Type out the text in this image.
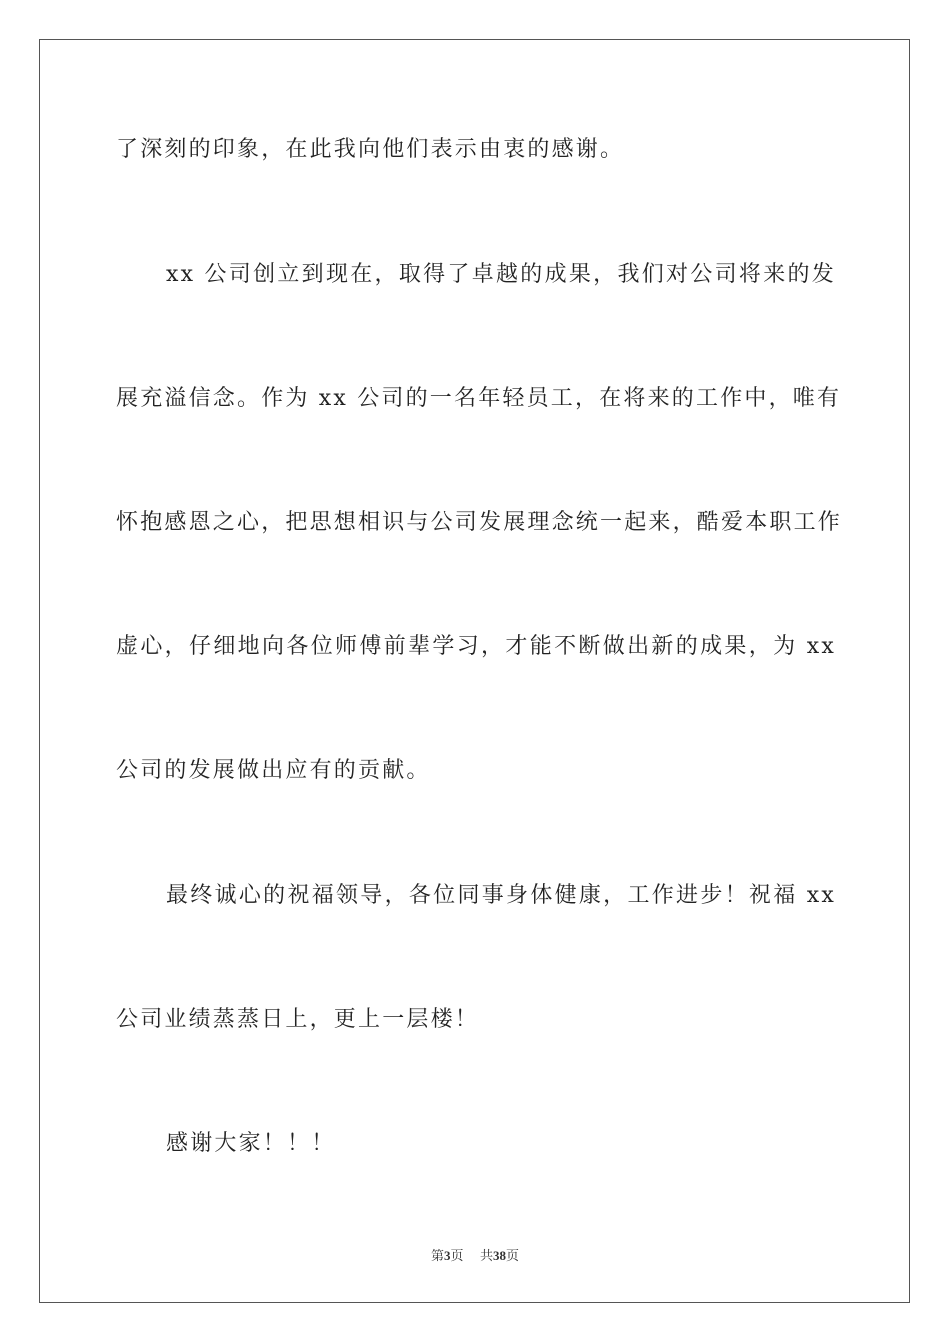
了深刻的印象，在此我向他们表示由衷的感谢。
xx 公司创立到现在，取得了卓越的成果，我们对公司将来的发
展充溢信念。作为 xx 公司的一名年轻员工，在将来的工作中，唯有
怀抱感恩之心，把思想相识与公司发展理念统一起来，酷爱本职工作
虚心，仔细地向各位师傅前辈学习，才能不断做出新的成果，为 xx
公司的发展做出应有的贡献。
最终诚心的祝福领导，各位同事身体健康，工作进步！祝福 xx
公司业绩蒸蒸日上，更上一层楼！
感谢大家！！！
第3页 共38页
